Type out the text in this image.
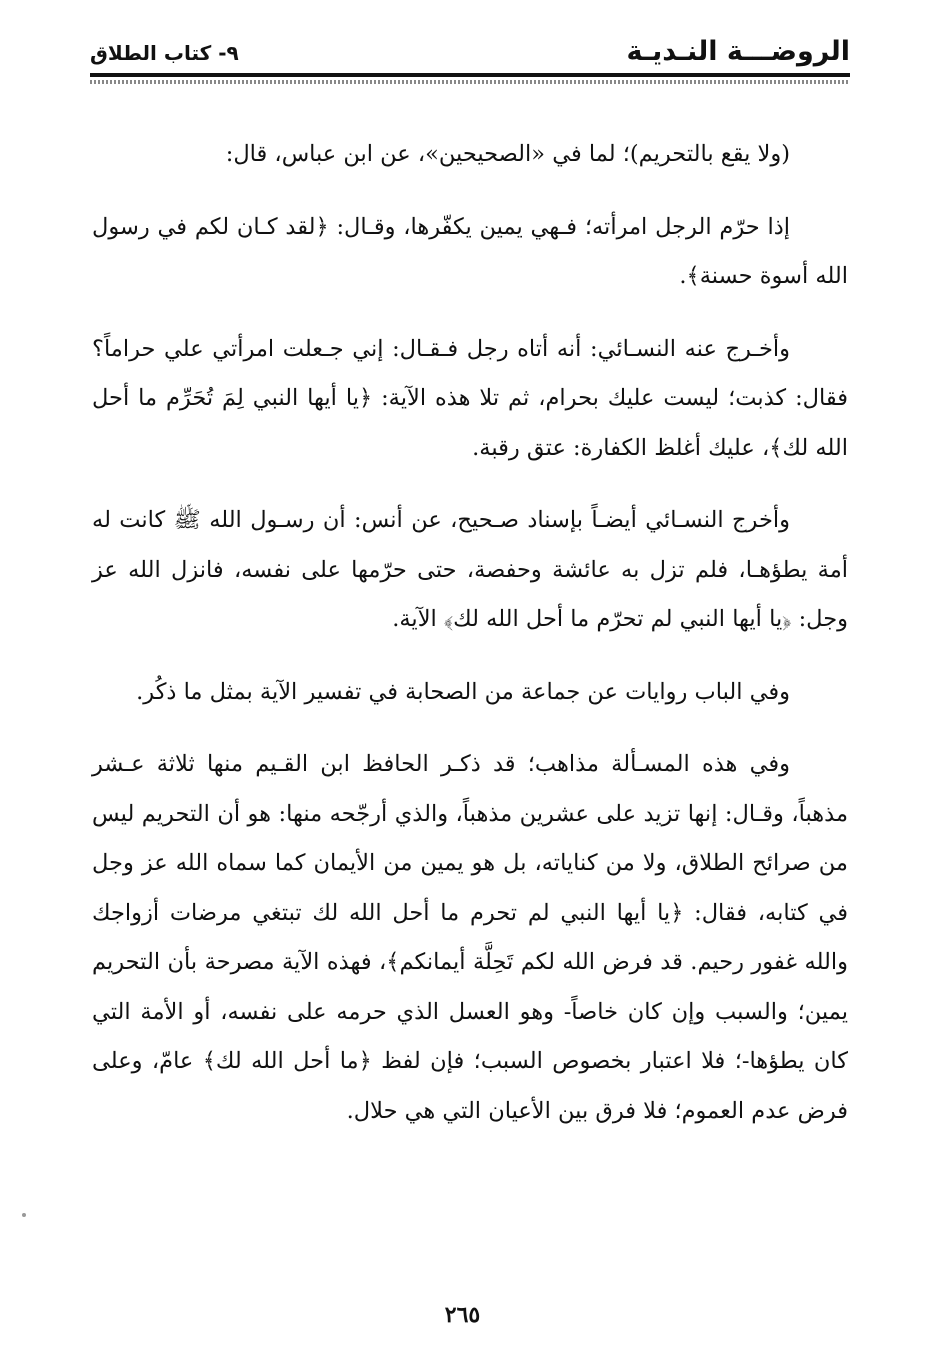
الروضـــة النـديـة
٩- كتاب الطلاق

(ولا يقع بالتحريم)؛ لما في «الصحيحين»، عن ابن عباس، قال:

إذا حرّم الرجل امرأته؛ فـهي يمين يكفّرها، وقـال: ﴿لقد كـان لكم في رسول الله أسوة حسنة﴾.

وأخـرج عنه النسـائي: أنه أتاه رجل فـقـال: إني جـعلت امرأتي علي حراماً؟ فقال: كذبت؛ ليست عليك بحرام، ثم تلا هذه الآية: ﴿يا أيها النبي لِمَ تُحَرِّم ما أحل الله لك﴾، عليك أغلظ الكفارة: عتق رقبة.

وأخرج النسـائي أيضـاً بإسناد صـحيح، عن أنس: أن رسـول الله ﷺ كانت له أمة يطؤهـا، فلم تزل به عائشة وحفصة، حتى حرّمها على نفسه، فانزل الله عز وجل: ﴿يا أيها النبي لم تحرّم ما أحل الله لك﴾ الآية.

وفي الباب روايات عن جماعة من الصحابة في تفسير الآية بمثل ما ذكُر.

وفي هذه المسـألة مذاهب؛ قد ذكـر الحافظ ابن القـيم منها ثلاثة عـشر مذهباً، وقـال: إنها تزيد على عشرين مذهباً، والذي أرجّحه منها: هو أن التحريم ليس من صرائح الطلاق، ولا من كناياته، بل هو يمين من الأيمان كما سماه الله عز وجل في كتابه، فقال: ﴿يا أيها النبي لم تحرم ما أحل الله لك تبتغي مرضات أزواجك والله غفور رحيم. قد فرض الله لكم تَحِلَّة أيمانكم﴾، فهذه الآية مصرحة بأن التحريم يمين؛ والسبب وإن كان خاصاً- وهو العسل الذي حرمه على نفسه، أو الأمة التي كان يطؤها-؛ فلا اعتبار بخصوص السبب؛ فإن لفظ ﴿ما أحل الله لك﴾ عامّ، وعلى فرض عدم العموم؛ فلا فرق بين الأعيان التي هي حلال.

٢٦٥
